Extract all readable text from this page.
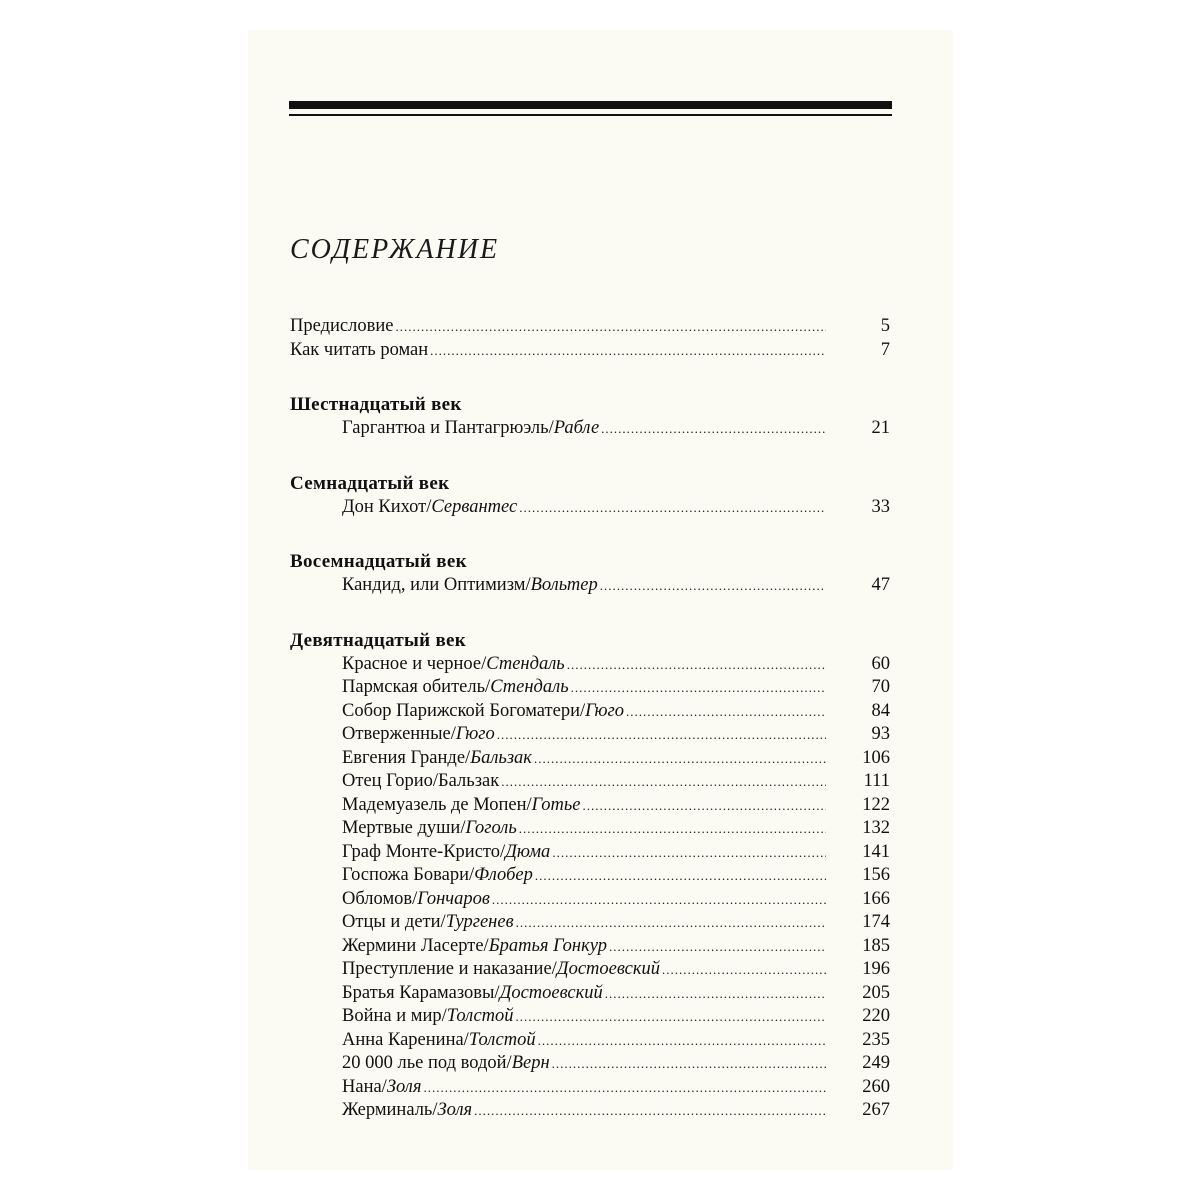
СОДЕРЖАНИЕ
Предисловие .....	5
Как читать роман .....	7
Шестнадцатый век
Гаргантюа и Пантагрюэль/ Рабле .....	21
Семнадцатый век
Дон Кихот/ Сервантес .....	33
Восемнадцатый век
Кандид, или Оптимизм/ Вольтер .....	47
Девятнадцатый век
Красное и черное/ Стендаль .....	60
Пармская обитель/ Стендаль .....	70
Собор Парижской Богоматери/ Гюго .....	84
Отверженные/ Гюго .....	93
Евгения Гранде/ Бальзак .....	106
Отец Горио/Бальзак .....	111
Мадемуазель де Мопен/ Готье .....	122
Мертвые души/ Гоголь .....	132
Граф Монте-Кристо/ Дюма .....	141
Госпожа Бовари/ Флобер .....	156
Обломов/ Гончаров .....	166
Отцы и дети/ Тургенев .....	174
Жермини Ласерте/ Братья Гонкур .....	185
Преступление и наказание/ Достоевский .....	196
Братья Карамазовы/ Достоевский .....	205
Война и мир/ Толстой .....	220
Анна Каренина/ Толстой .....	235
20 000 лье под водой/ Верн .....	249
Нана/ Золя .....	260
Жерминаль/ Золя .....	267
